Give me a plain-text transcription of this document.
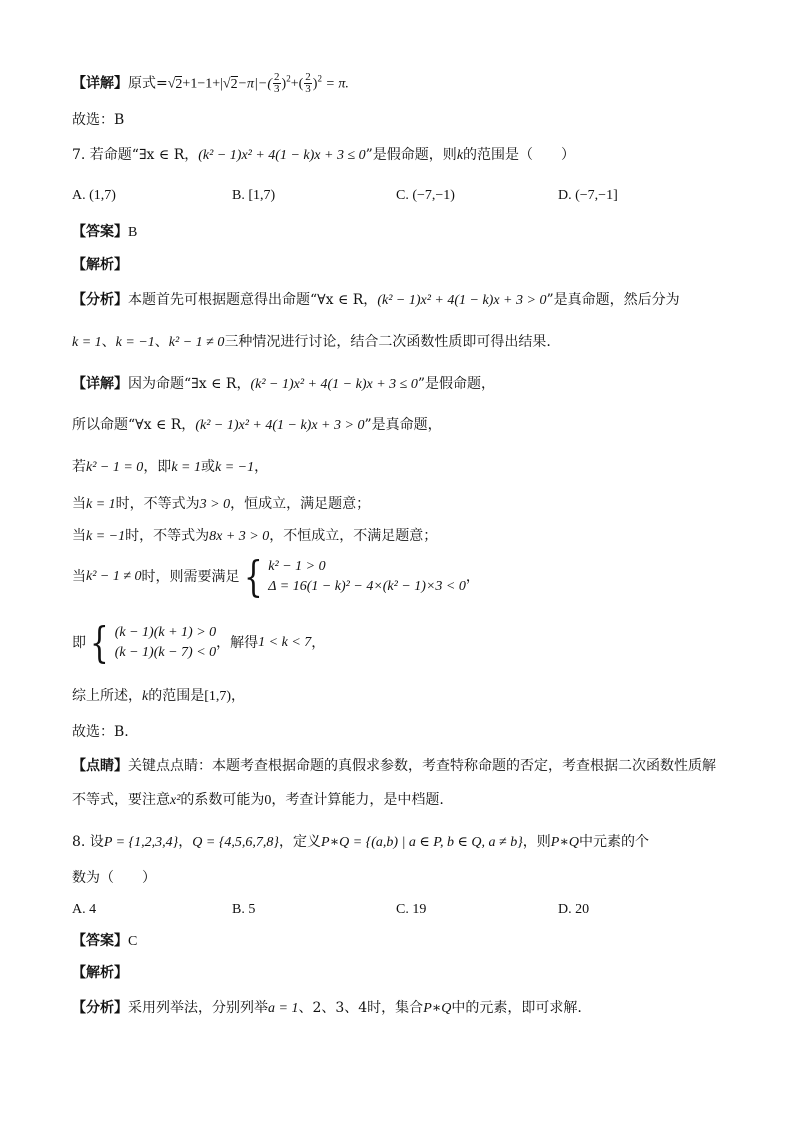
【详解】原式$=√2+1-1+|√2-\pi|-( \frac{2}{3} )^2+( \frac{2}{3} )^2 = \pi$.
故选：B
7. 若命题“∃x ∈ R，(k² − 1)x² + 4(1 − k)x + 3 ≤ 0”是假命题，则k的范围是（　　）
A. (1,7)	B. [1,7)	C. (−7,−1)	D. (−7,−1]
【答案】B
【解析】
【分析】本题首先可根据题意得出命题“∀x ∈ R，(k² − 1)x² + 4(1 − k)x + 3 > 0”是真命题，然后分为
k = 1、k = −1、k² − 1 ≠ 0三种情况进行讨论，结合二次函数性质即可得出结果.
【详解】因为命题“∃x ∈ R，(k² − 1)x² + 4(1 − k)x + 3 ≤ 0”是假命题，
所以命题“∀x ∈ R，(k² − 1)x² + 4(1 − k)x + 3 > 0”是真命题，
若k² − 1 = 0，即k = 1或k = −1，
当k = 1时，不等式为3 > 0，恒成立，满足题意；
当k = −1时，不等式为8x + 3 > 0，不恒成立，不满足题意；
当k² − 1 ≠ 0时，则需要满足 { k² − 1 > 0
Δ = 16(1 − k)² − 4×(k² − 1)×3 < 0
，
即 { (k − 1)(k + 1) > 0
(k − 1)(k − 7) < 0
，解得1 < k < 7，
综上所述，k的范围是[1,7)，
故选：B.
【点睛】关键点点睛：本题考查根据命题的真假求参数，考查特称命题的否定，考查根据二次函数性质解
不等式，要注意x²的系数可能为0，考查计算能力，是中档题.
8. 设P = {1,2,3,4}，Q = {4,5,6,7,8}，定义P∗Q = {(a,b) | a ∈ P, b ∈ Q, a ≠ b}，则P∗Q中元素的个
数为（　　）
A. 4	B. 5	C. 19	D. 20
【答案】C
【解析】
【分析】采用列举法，分别列举a = 1、2、3、4时，集合P∗Q中的元素，即可求解.
